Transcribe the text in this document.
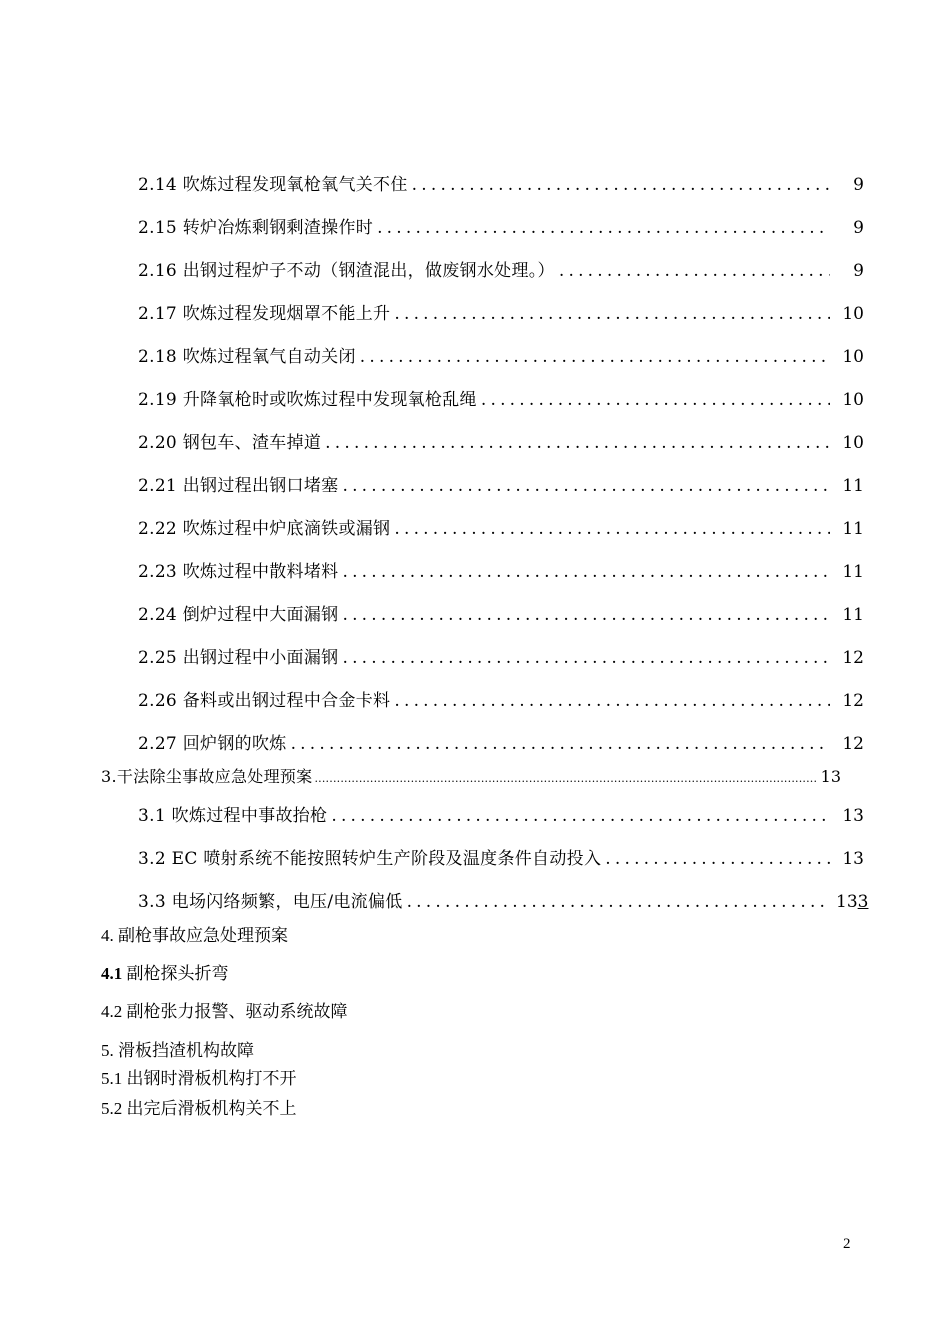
2.14 吹炼过程发现氧枪氧气关不住 .....	9
2.15 转炉冶炼剩钢剩渣操作时 .....	9
2.16 出钢过程炉子不动（钢渣混出，做废钢水处理。） .....	9
2.17 吹炼过程发现烟罩不能上升 .....	10
2.18 吹炼过程氧气自动关闭 .....	10
2.19 升降氧枪时或吹炼过程中发现氧枪乱绳 .....	10
2.20 钢包车、渣车掉道 .....	10
2.21 出钢过程出钢口堵塞 .....	11
2.22 吹炼过程中炉底滴铁或漏钢 .....	11
2.23 吹炼过程中散料堵料 .....	11
2.24 倒炉过程中大面漏钢 .....	11
2.25 出钢过程中小面漏钢 .....	12
2.26 备料或出钢过程中合金卡料 .....	12
2.27 回炉钢的吹炼 .....	12
3.干法除尘事故应急处理预案 .....	13
3.1 吹炼过程中事故抬枪 .....	13
3.2 EC 喷射系统不能按照转炉生产阶段及温度条件自动投入 .....	13
3.3 电场闪络频繁，电压/电流偏低 .....	133
4. 副枪事故应急处理预案
4.1 副枪探头折弯
4.2 副枪张力报警、驱动系统故障
5. 滑板挡渣机构故障
5.1 出钢时滑板机构打不开
5.2 出完后滑板机构关不上
2
